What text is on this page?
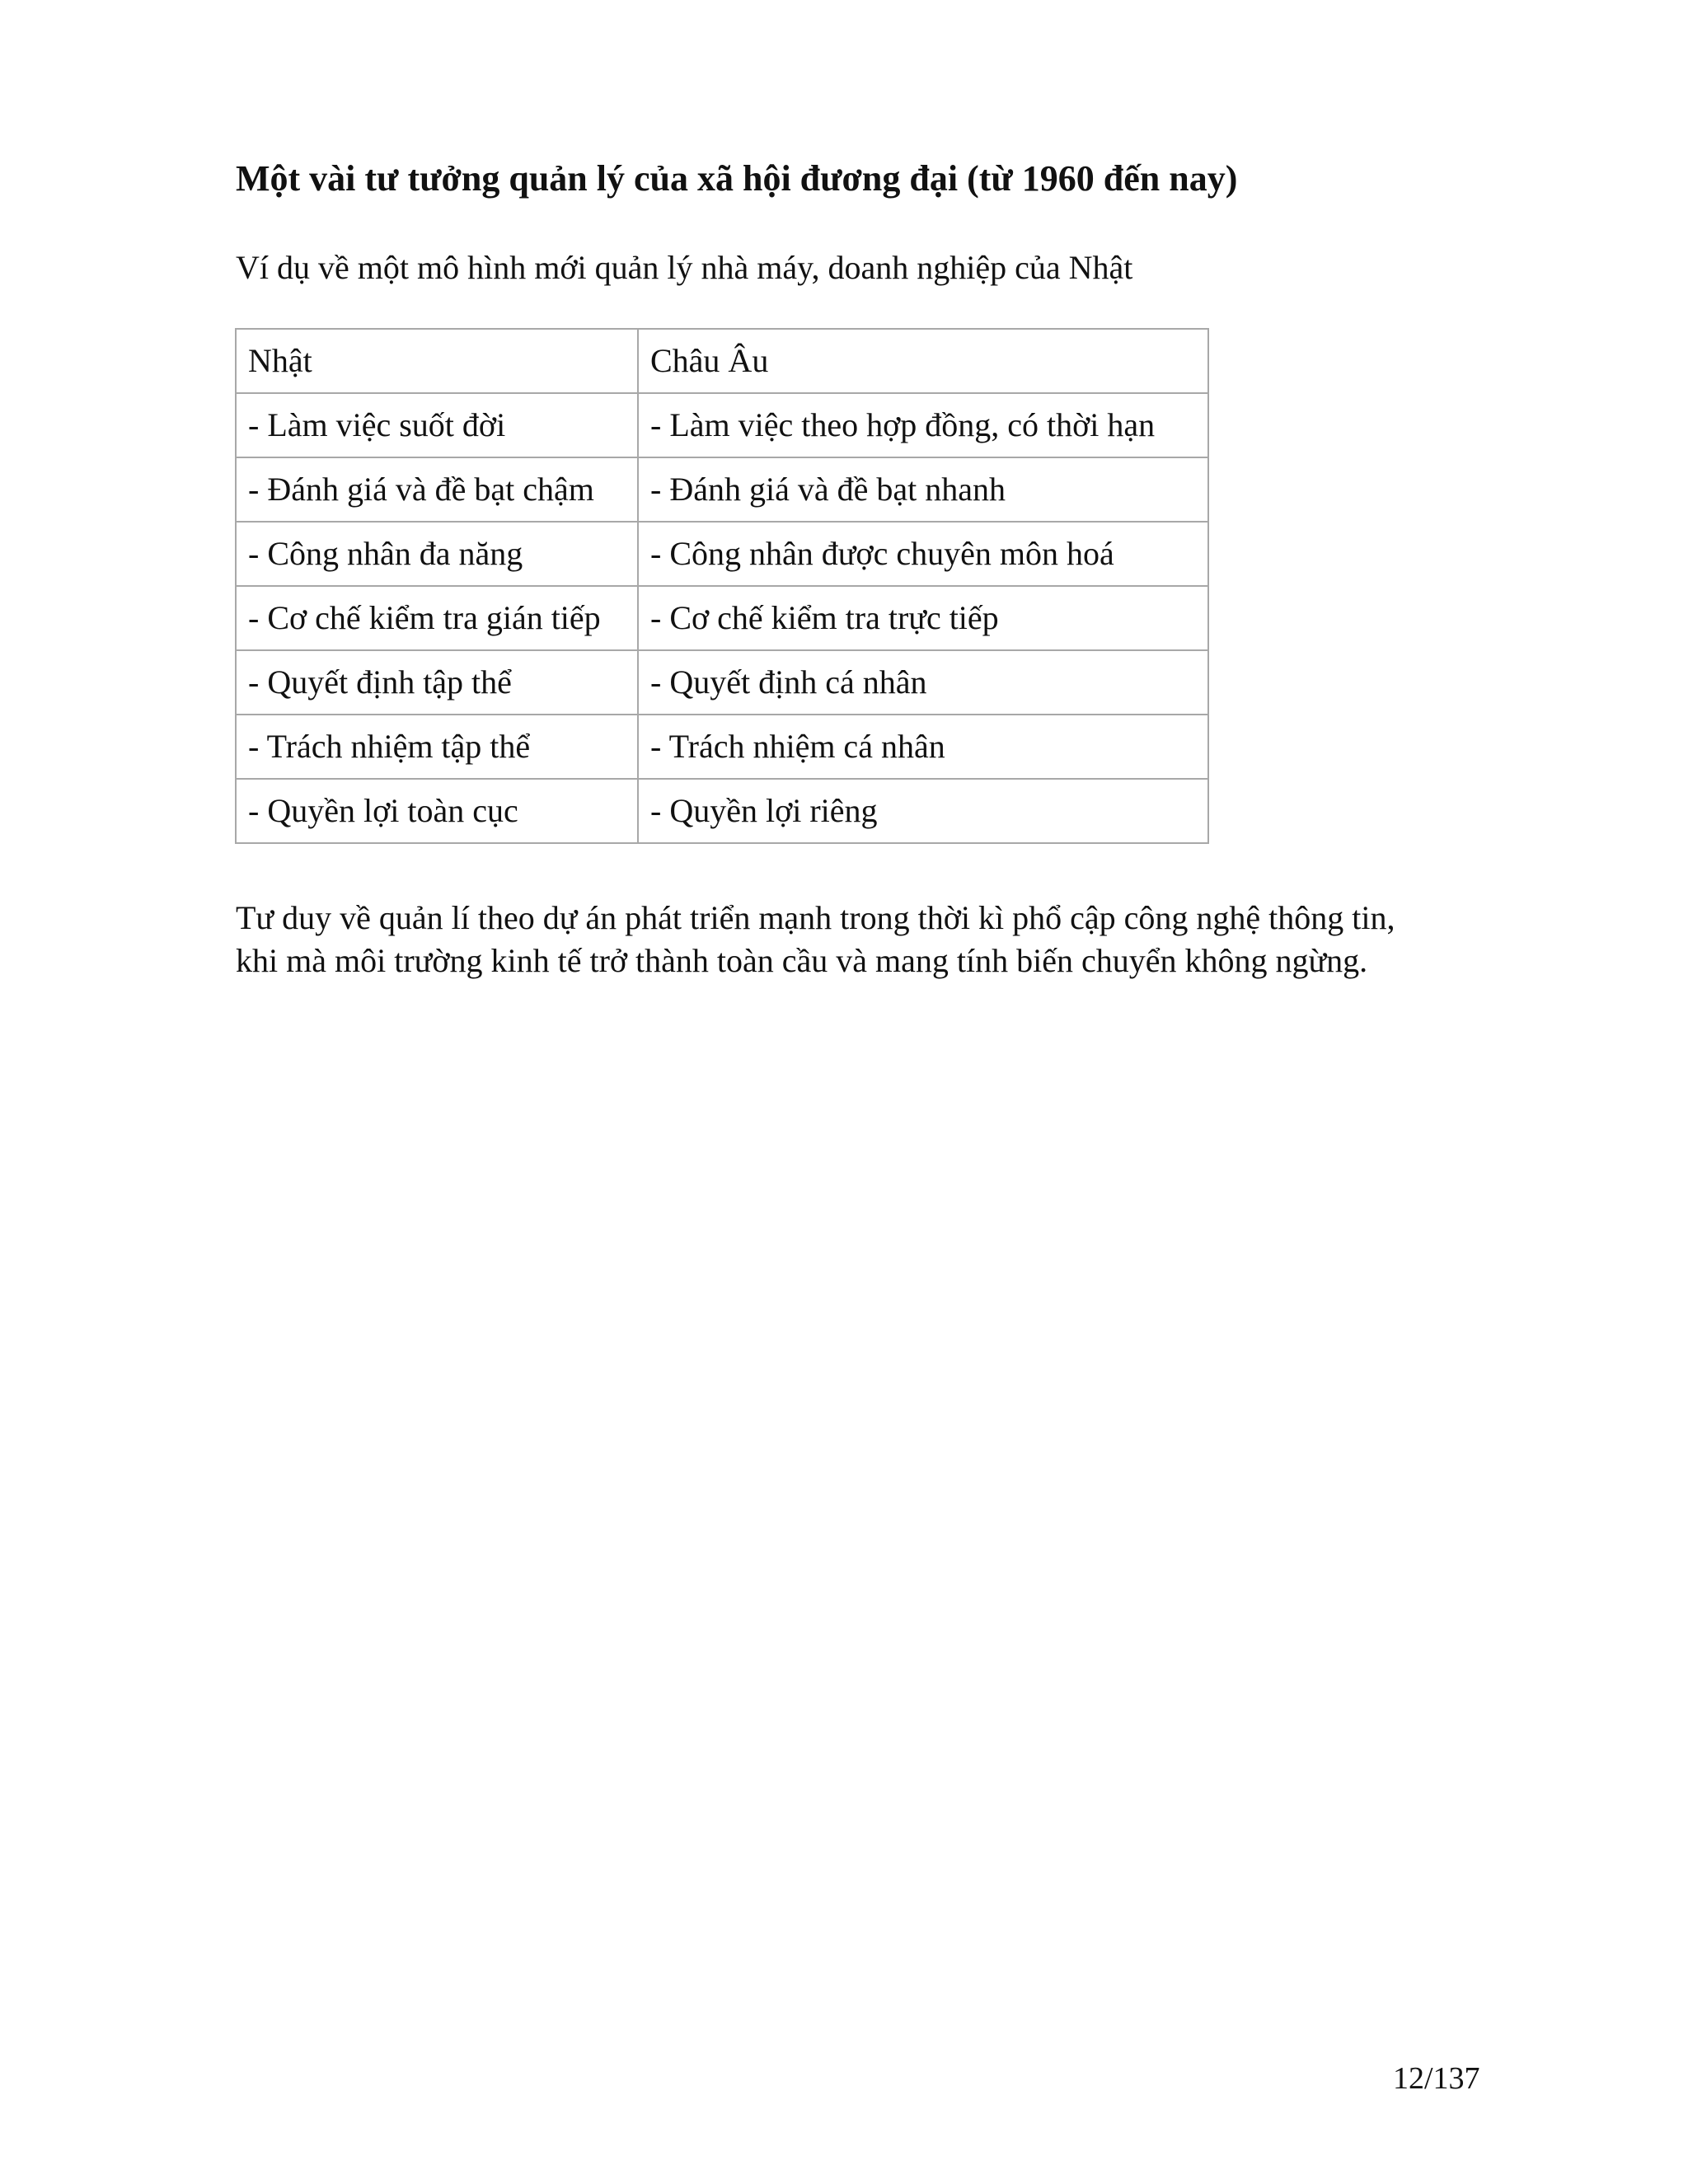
Một vài tư tưởng quản lý của xã hội đương đại (từ 1960 đến nay)

Ví dụ về một mô hình mới quản lý nhà máy, doanh nghiệp của Nhật

Nhật	Châu Âu
- Làm việc suốt đời	- Làm việc theo hợp đồng, có thời hạn
- Đánh giá và đề bạt chậm	- Đánh giá và đề bạt nhanh
- Công nhân đa năng	- Công nhân được chuyên môn hoá
- Cơ chế kiểm tra gián tiếp	- Cơ chế kiểm tra trực tiếp
- Quyết định tập thể	- Quyết định cá nhân
- Trách nhiệm tập thể	- Trách nhiệm cá nhân
- Quyền lợi toàn cục	- Quyền lợi riêng

Tư duy về quản lí theo dự án phát triển mạnh trong thời kì phổ cập công nghệ thông tin,
khi mà môi trường kinh tế trở thành toàn cầu và mang tính biến chuyển không ngừng.

12/137
